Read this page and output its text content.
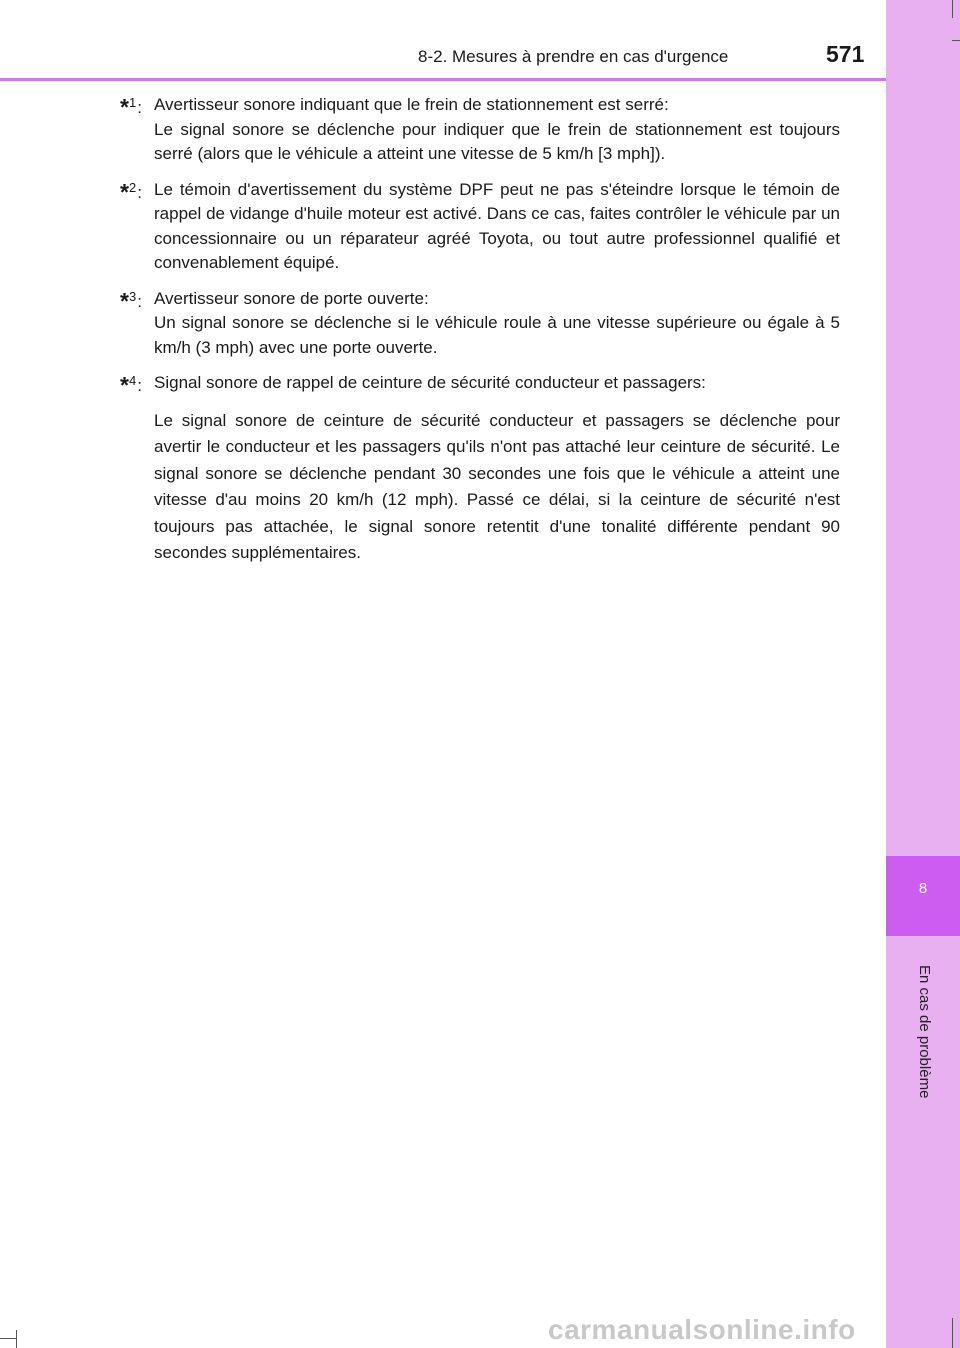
8
En cas de problème
8-2. Mesures à prendre en cas d'urgence	571
*$^1$: Avertisseur sonore indiquant que le frein de stationnement est serré:

Le signal sonore se déclenche pour indiquer que le frein de stationnement est toujours serré (alors que le véhicule a atteint une vitesse de 5 km/h [3 mph]).

*$^2$: Le témoin d'avertissement du système DPF peut ne pas s'éteindre lorsque le témoin de rappel de vidange d'huile moteur est activé. Dans ce cas, faites contrôler le véhicule par un concessionnaire ou un réparateur agréé Toyota, ou tout autre professionnel qualifié et convenablement équipé.

*$^3$: Avertisseur sonore de porte ouverte:

Un signal sonore se déclenche si le véhicule roule à une vitesse supérieure ou égale à 5 km/h (3 mph) avec une porte ouverte.

*$^4$: Signal sonore de rappel de ceinture de sécurité conducteur et passagers:

Le signal sonore de ceinture de sécurité conducteur et passagers se déclenche pour avertir le conducteur et les passagers qu'ils n'ont pas attaché leur ceinture de sécurité. Le signal sonore se déclenche pendant 30 secondes une fois que le véhicule a atteint une vitesse d'au moins 20 km/h (12 mph). Passé ce délai, si la ceinture de sécurité n'est toujours pas attachée, le signal sonore retentit d'une tonalité différente pendant 90 secondes supplémentaires.

carmanualsonline.info
